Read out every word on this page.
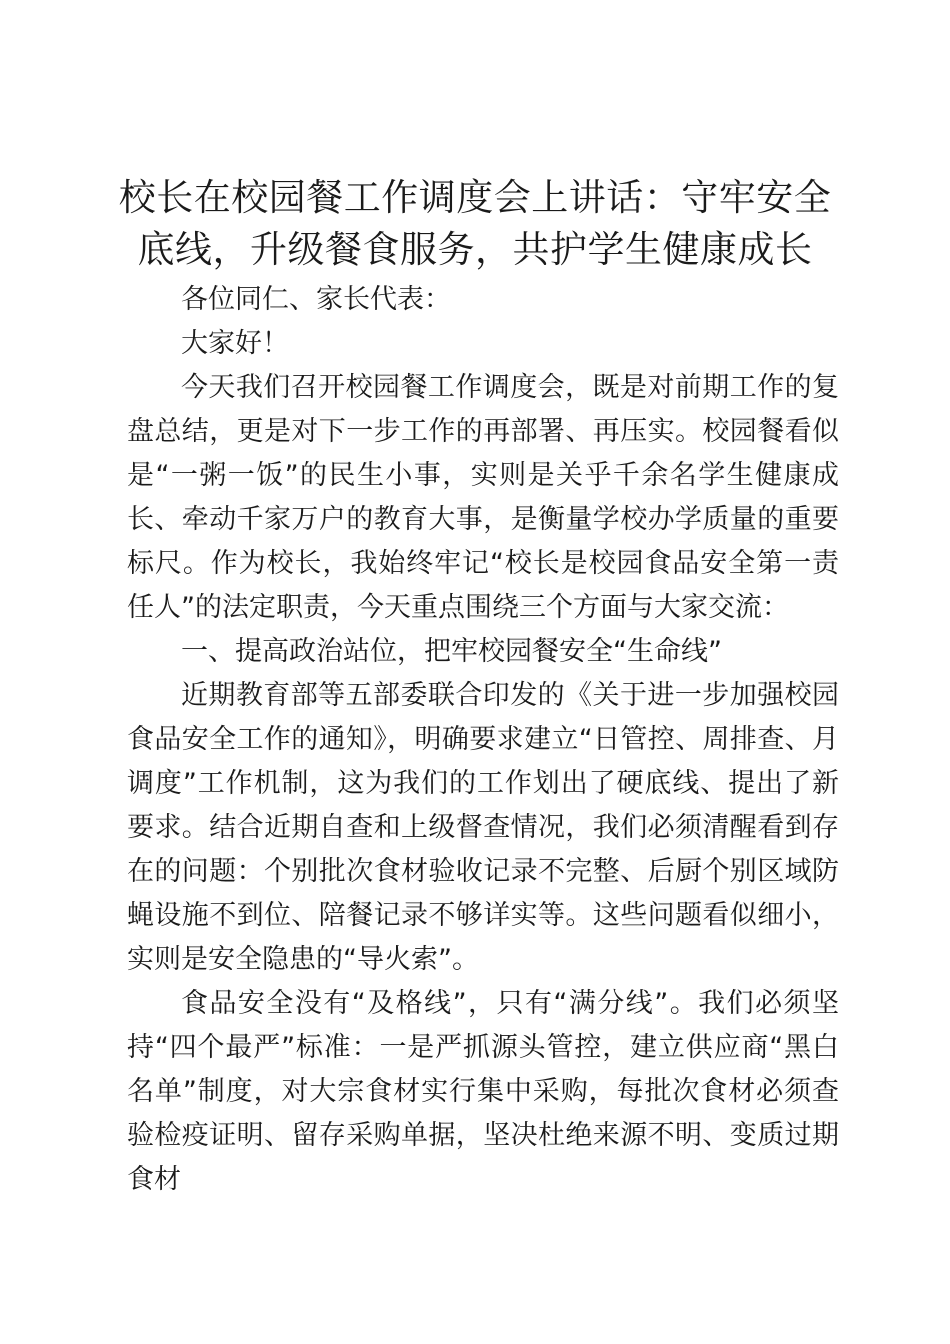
校长在校园餐工作调度会上讲话：守牢安全底线，升级餐食服务，共护学生健康成长

各位同仁、家长代表：

大家好！

今天我们召开校园餐工作调度会，既是对前期工作的复盘总结，更是对下一步工作的再部署、再压实。校园餐看似是“一粥一饭”的民生小事，实则是关乎千余名学生健康成长、牵动千家万户的教育大事，是衡量学校办学质量的重要标尺。作为校长，我始终牢记“校长是校园食品安全第一责任人”的法定职责，今天重点围绕三个方面与大家交流：

一、提高政治站位，把牢校园餐安全“生命线”

近期教育部等五部委联合印发的《关于进一步加强校园食品安全工作的通知》，明确要求建立“日管控、周排查、月调度”工作机制，这为我们的工作划出了硬底线、提出了新要求。结合近期自查和上级督查情况，我们必须清醒看到存在的问题：个别批次食材验收记录不完整、后厨个别区域防蝇设施不到位、陪餐记录不够详实等。这些问题看似细小，实则是安全隐患的“导火索”。

食品安全没有“及格线”，只有“满分线”。我们必须坚持“四个最严”标准：一是严抓源头管控，建立供应商“黑白名单”制度，对大宗食材实行集中采购，每批次食材必须查验检疫证明、留存采购单据，坚决杜绝来源不明、变质过期食材
